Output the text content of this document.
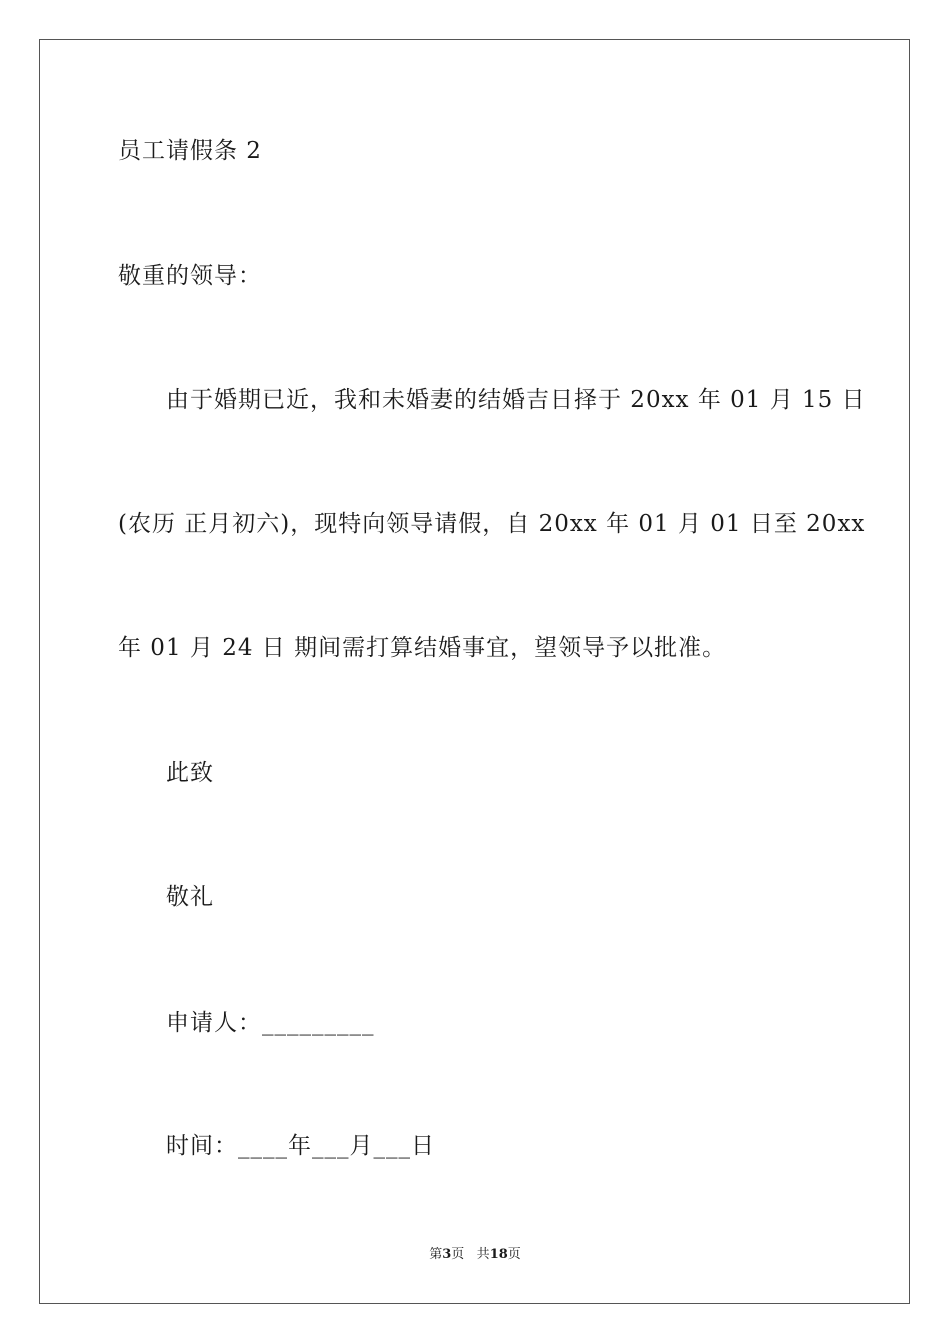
员工请假条 2
敬重的领导：
由于婚期已近，我和未婚妻的结婚吉日择于 20xx 年 01 月 15 日
(农历 正月初六)，现特向领导请假，自 20xx 年 01 月 01 日至 20xx
年 01 月 24 日 期间需打算结婚事宜，望领导予以批准。
此致
敬礼
申请人：_________
时间：____年___月___日
第3页 共18页
